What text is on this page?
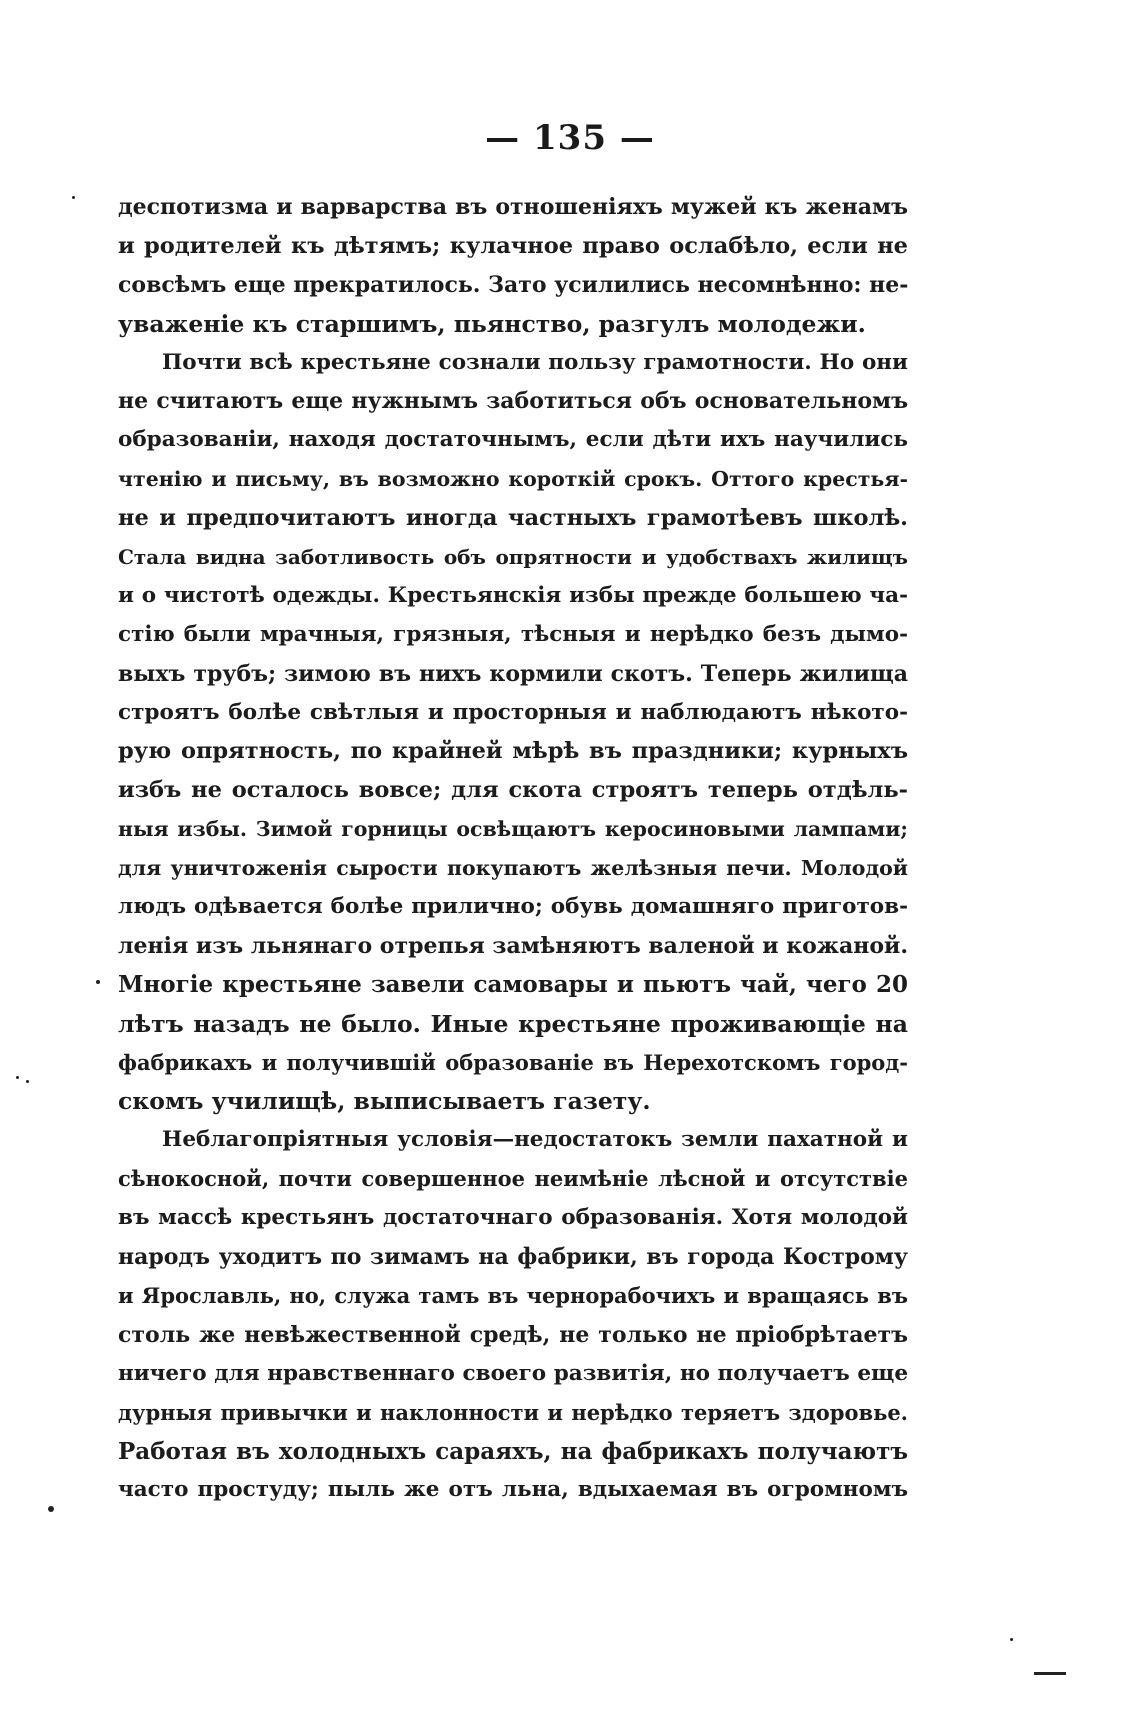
— 135 —
деспотизма и варварства въ отношеніяхъ мужей къ женамъ
и родителей къ дѣтямъ; кулачное право ослабѣло, если не
совсѣмъ еще прекратилось. Зато усилились несомнѣнно: не-
уваженіе къ старшимъ, пьянство, разгулъ молодежи.
Почти всѣ крестьяне сознали пользу грамотности. Но они
не считаютъ еще нужнымъ заботиться объ основательномъ
образованіи, находя достаточнымъ, если дѣти ихъ научились
чтенію и письму, въ возможно короткій срокъ. Оттого крестья-
не и предпочитаютъ иногда частныхъ грамотѣевъ школѣ.
Стала видна заботливость объ опрятности и удобствахъ жилищъ
и о чистотѣ одежды. Крестьянскія избы прежде большею ча-
стію были мрачныя, грязныя, тѣсныя и нерѣдко безъ дымо-
выхъ трубъ; зимою въ нихъ кормили скотъ. Теперь жилища
строятъ болѣе свѣтлыя и просторныя и наблюдаютъ нѣкото-
рую опрятность, по крайней мѣрѣ въ праздники; курныхъ
избъ не осталось вовсе; для скота строятъ теперь отдѣль-
ныя избы. Зимой горницы освѣщаютъ керосиновыми лампами;
для уничтоженія сырости покупаютъ желѣзныя печи. Молодой
людъ одѣвается болѣе прилично; обувь домашняго приготов-
ленія изъ льнянаго отрепья замѣняютъ валеной и кожаной.
Многіе крестьяне завели самовары и пьютъ чай, чего 20
лѣтъ назадъ не было. Иные крестьяне проживающіе на
фабрикахъ и получившій образованіе въ Нерехотскомъ город-
скомъ училищѣ, выписываетъ газету.
Неблагопріятныя условія—недостатокъ земли пахатной и
сѣнокосной, почти совершенное неимѣніе лѣсной и отсутствіе
въ массѣ крестьянъ достаточнаго образованія. Хотя молодой
народъ уходитъ по зимамъ на фабрики, въ города Кострому
и Ярославль, но, служа тамъ въ чернорабочихъ и вращаясь въ
столь же невѣжественной средѣ, не только не пріобрѣтаетъ
ничего для нравственнаго своего развитія, но получаетъ еще
дурныя привычки и наклонности и нерѣдко теряетъ здоровье.
Работая въ холодныхъ сараяхъ, на фабрикахъ получаютъ
часто простуду; пыль же отъ льна, вдыхаемая въ огромномъ
